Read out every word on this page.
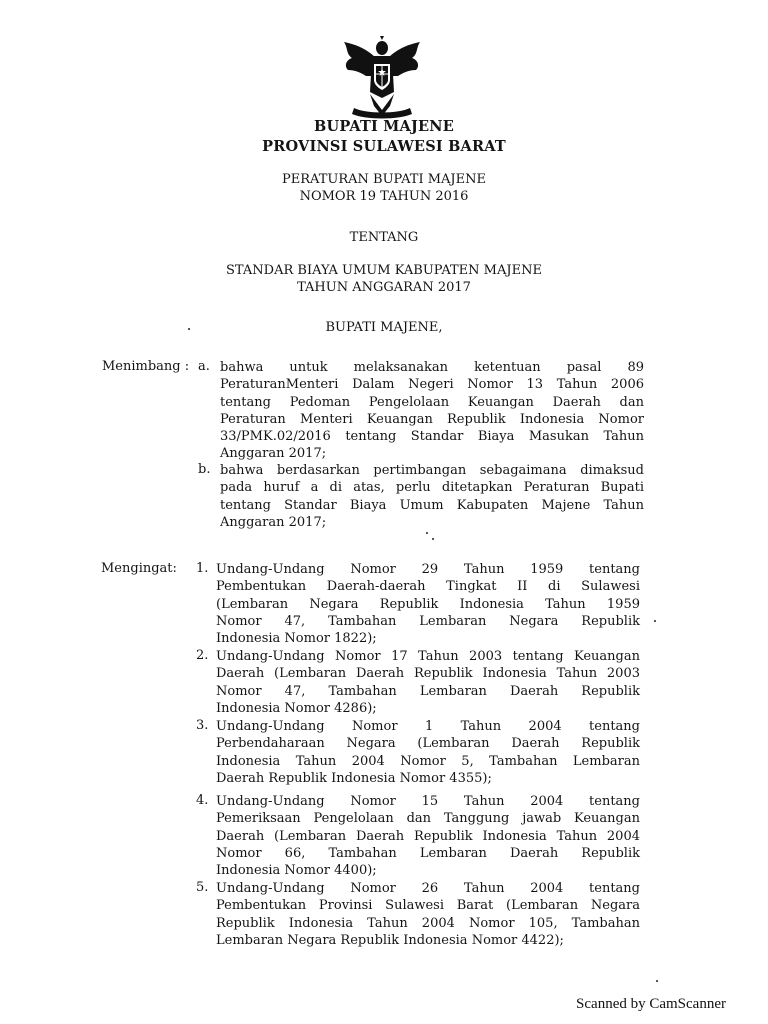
BUPATI MAJENE
PROVINSI SULAWESI BARAT
PERATURAN BUPATI MAJENE
NOMOR 19 TAHUN 2016
TENTANG
STANDAR BIAYA UMUM KABUPATEN MAJENE
TAHUN ANGGARAN 2017
BUPATI MAJENE,
Menimbang : a. bahwa untuk melaksanakan ketentuan pasal 89
PeraturanMenteri Dalam Negeri Nomor 13 Tahun 2006
tentang Pedoman Pengelolaan Keuangan Daerah dan
Peraturan Menteri Keuangan Republik Indonesia Nomor
33/PMK.02/2016 tentang Standar Biaya Masukan Tahun
Anggaran 2017;
b. bahwa berdasarkan pertimbangan sebagaimana dimaksud
pada huruf a di atas, perlu ditetapkan Peraturan Bupati
tentang Standar Biaya Umum Kabupaten Majene Tahun
Anggaran 2017;
Mengingat: 1. Undang-Undang Nomor 29 Tahun 1959 tentang
Pembentukan Daerah-daerah Tingkat II di Sulawesi
(Lembaran Negara Republik Indonesia Tahun 1959
Nomor 47, Tambahan Lembaran Negara Republik
Indonesia Nomor 1822);
2. Undang-Undang Nomor 17 Tahun 2003 tentang Keuangan
Daerah (Lembaran Daerah Republik Indonesia Tahun 2003
Nomor 47, Tambahan Lembaran Daerah Republik
Indonesia Nomor 4286);
3. Undang-Undang Nomor 1 Tahun 2004 tentang
Perbendaharaan Negara (Lembaran Daerah Republik
Indonesia Tahun 2004 Nomor 5, Tambahan Lembaran
Daerah Republik Indonesia Nomor 4355);
4. Undang-Undang Nomor 15 Tahun 2004 tentang
Pemeriksaan Pengelolaan dan Tanggung jawab Keuangan
Daerah (Lembaran Daerah Republik Indonesia Tahun 2004
Nomor 66, Tambahan Lembaran Daerah Republik
Indonesia Nomor 4400);
5. Undang-Undang Nomor 26 Tahun 2004 tentang
Pembentukan Provinsi Sulawesi Barat (Lembaran Negara
Republik Indonesia Tahun 2004 Nomor 105, Tambahan
Lembaran Negara Republik Indonesia Nomor 4422);
Scanned by CamScanner
